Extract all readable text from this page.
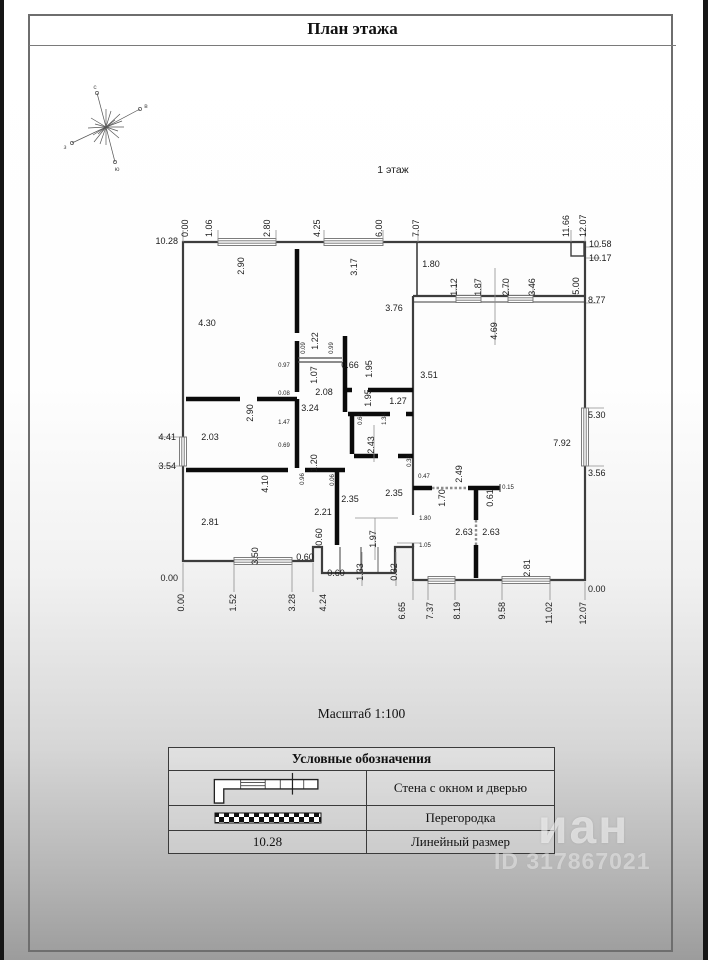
План этажа
с
в
з
ю	1 этаж
0.00 1.06	2.80	4.25	6.00	7.07	11.66 12.07
0.00	1.52	3.28 4.24	6.65 7.37 8.19	9.58	11.02	12.07
10.28
4.41
3.54
0.00
10.58
10.17
8.77
5.30
3.56
0.00
2.90	3.17	1.80
4.30
3.76
1.12 1.87 2.70 3.46	5.00
4.69
1.22
0.09	0.99
0.97
1.07
0.66 1.95	3.51
2.08	1.95
0.08
2.90	3.24
1.27
1.47	0.61	1.34
2.03	2.43
0.69	7.92
1.20
4.10	0.96	0.06
0.33
0.47	2.49
0.15
1.70	0.61
2.35
2.21
2.35
2.81	1.80
1.05
0.60	1.97	2.63 2.63
3.50	0.60
2.81
0.60 1.33	0.32
Масштаб 1:100
Условные обозначения
Стена с окном и дверью
Перегородка
10.28	Линейный размер иан
ID 317867021
